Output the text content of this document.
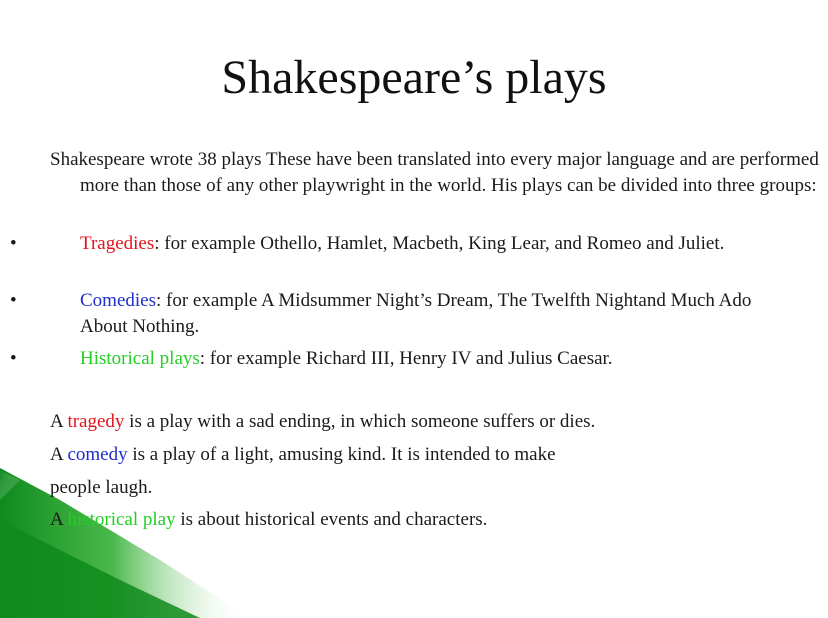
Shakespeare’s plays
Shakespeare wrote 38 plays These have been translated into every major language and are performed more than those of any other playwright in the world. His plays can be divided into three groups:
•	Tragedies: for example Othello, Hamlet, Macbeth, King Lear, and Romeo and Juliet.
•	Comedies: for example A Midsummer Night’s Dream, The Twelfth Nightand Much Ado About Nothing.
•	Historical plays: for example Richard III, Henry IV and Julius Caesar.
A tragedy is a play with a sad ending, in which someone suffers or dies.
A comedy is a play of a light, amusing kind. It is intended to make
people laugh.
A historical play is about historical events and characters.
